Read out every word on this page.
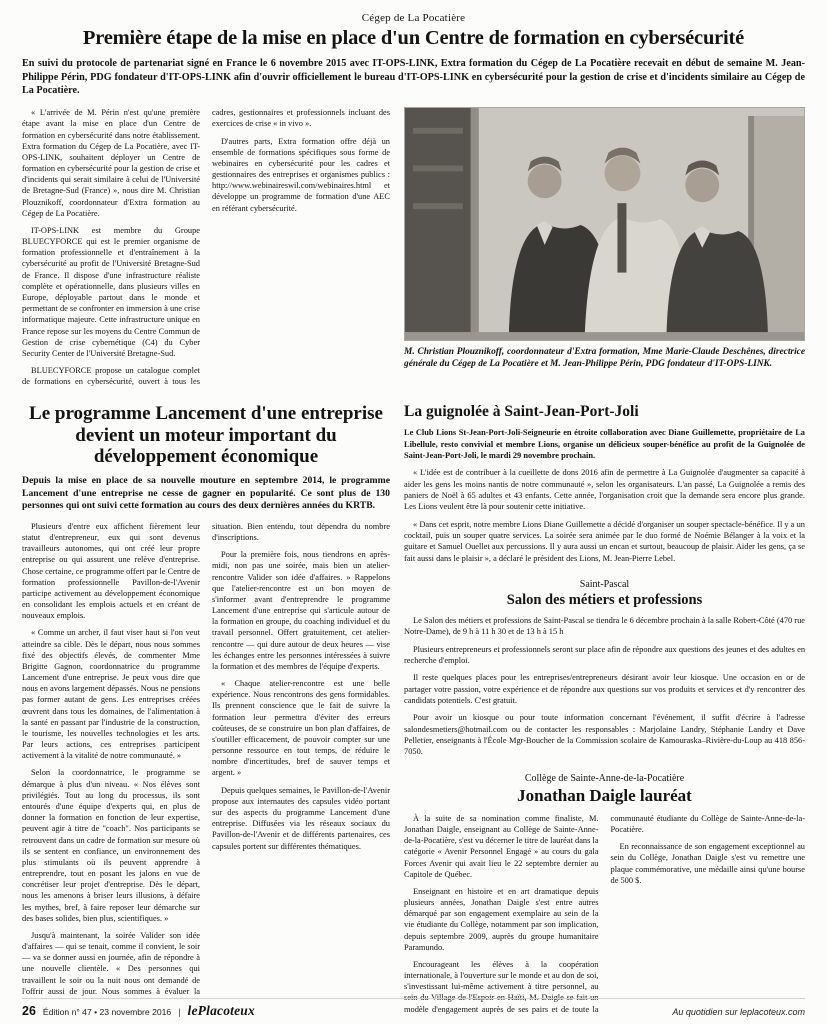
Cégep de La Pocatière
Première étape de la mise en place d'un Centre de formation en cybersécurité

En suivi du protocole de partenariat signé en France le 6 novembre 2015 avec IT-OPS-LINK, Extra formation du Cégep de La Pocatière recevait en début de semaine M. Jean-Philippe Périn, PDG fondateur d'IT-OPS-LINK afin d'ouvrir officiellement le bureau d'IT-OPS-LINK en cybersécurité pour la gestion de crise et d'incidents similaire au Cégep de La Pocatière.

« L'arrivée de M. Périn n'est qu'une première étape avant la mise en place d'un Centre de formation en cybersécurité dans notre établissement. Extra formation du Cégep de La Pocatière, avec IT-OPS-LINK, souhaitent déployer un Centre de formation en cybersécurité pour la gestion de crise et d'incidents qui serait similaire à celui de l'Université de Bretagne-Sud (France) », nous dire M. Christian Plouznikoff, coordonnateur d'Extra formation au Cégep de La Pocatière.

IT-OPS-LINK est membre du Groupe BLUECYFORCE qui est le premier organisme de formation professionnelle et d'entraînement à la cybersécurité au profit de l'Université Bretagne-Sud de France. Il dispose d'une infrastructure réaliste complète et opérationnelle, dans plusieurs villes en Europe, déployable partout dans le monde et permettant de se confronter en immersion à une crise informatique majeure. Cette infrastructure unique en France repose sur les moyens du Centre Commun de Gestion de crise cybernétique (C4) du Cyber Security Center de l'Université Bretagne-Sud.

BLUECYFORCE propose un catalogue complet de formations en cybersécurité, ouvert à tous les cadres, gestionnaires et professionnels incluant des exercices de crise « in vivo ».

D'autres parts, Extra formation offre déjà un ensemble de formations spécifiques sous forme de webinaires en cybersécurité pour les cadres et gestionnaires des entreprises et organismes publics : http://www.webinaireswil.com/webinaires.html et développe un programme de formation d'une AEC en référant cybersécurité.

M. Christian Plouznikoff, coordonnateur d'Extra formation, Mme Marie-Claude Deschênes, directrice générale du Cégep de La Pocatière et M. Jean-Philippe Périn, PDG fondateur d'IT-OPS-LINK.
Le programme Lancement d'une entreprise devient un moteur important du développement économique

Depuis la mise en place de sa nouvelle mouture en septembre 2014, le programme Lancement d'une entreprise ne cesse de gagner en popularité. Ce sont plus de 130 personnes qui ont suivi cette formation au cours des deux dernières années du KRTB.

Plusieurs d'entre eux affichent fièrement leur statut d'entrepreneur, eux qui sont devenus travailleurs autonomes, qui ont créé leur propre entreprise ou qui assurent une relève d'entreprise. Chose certaine, ce programme offert par le Centre de formation professionnelle Pavillon-de-l'Avenir participe activement au développement économique en consolidant les emplois actuels et en créant de nouveaux emplois.

« Comme un archer, il faut viser haut si l'on veut atteindre sa cible. Dès le départ, nous nous sommes fixé des objectifs élevés, de commenter Mme Brigitte Gagnon, coordonnatrice du programme Lancement d'une entreprise. Je peux vous dire que nous en avons largement dépassés. Nous ne pensions pas former autant de gens. Les entreprises créées œuvrent dans tous les domaines, de l'alimentation à la santé en passant par l'industrie de la construction, le tourisme, les nouvelles technologies et les arts. Par leurs actions, ces entreprises participent activement à la vitalité de notre communauté. »

Selon la coordonnatrice, le programme se démarque à plus d'un niveau. « Nos élèves sont privilégiés. Tout au long du processus, ils sont entourés d'une équipe d'experts qui, en plus de donner la formation en fonction de leur expertise, peuvent agir à titre de "coach". Nos participants se retrouvent dans un cadre de formation sur mesure où ils se sentent en confiance, un environnement des plus stimulants où ils peuvent apprendre à entreprendre, tout en posant les jalons en vue de concrétiser leur projet d'entreprise. Dès le départ, nous les amenons à briser leurs illusions, à défaire les mythes, bref, à faire reposer leur démarche sur des bases solides, bien plus, scientifiques. »

Jusqu'à maintenant, la soirée Valider son idée d'affaires — qui se tenait, comme il convient, le soir — va se donner aussi en journée, afin de répondre à une nouvelle clientèle. « Des personnes qui travaillent le soir ou la nuit nous ont demandé de l'offrir aussi de jour. Nous sommes à évaluer la situation. Bien entendu, tout dépendra du nombre d'inscriptions.

Pour la première fois, nous tiendrons en après-midi, non pas une soirée, mais bien un atelier-rencontre Valider son idée d'affaires. » Rappelons que l'atelier-rencontre est un bon moyen de s'informer avant d'entreprendre le programme Lancement d'une entreprise qui s'articule autour de la formation en groupe, du coaching individuel et du travail personnel. Offert gratuitement, cet atelier-rencontre — qui dure autour de deux heures — vise les échanges entre les personnes intéressées à suivre la formation et des membres de l'équipe d'experts.

« Chaque atelier-rencontre est une belle expérience. Nous rencontrons des gens formidables. Ils prennent conscience que le fait de suivre la formation leur permettra d'éviter des erreurs coûteuses, de se construire un bon plan d'affaires, de s'outiller efficacement, de pouvoir compter sur une personne ressource en tout temps, de réduire le nombre d'incertitudes, bref de sauver temps et argent. »

Depuis quelques semaines, le Pavillon-de-l'Avenir propose aux internautes des capsules vidéo portant sur des aspects du programme Lancement d'une entreprise. Diffusées via les réseaux sociaux du Pavillon-de-l'Avenir et de différents partenaires, ces capsules portent sur différentes thématiques.

La guignolée à Saint-Jean-Port-Joli

Le Club Lions St-Jean-Port-Joli-Seigneurie en étroite collaboration avec Diane Guillemette, propriétaire de La Libellule, resto convivial et membre Lions, organise un délicieux souper-bénéfice au profit de la Guignolée de Saint-Jean-Port-Joli, le mardi 29 novembre prochain.

« L'idée est de contribuer à la cueillette de dons 2016 afin de permettre à La Guignolée d'augmenter sa capacité à aider les gens les moins nantis de notre communauté », selon les organisateurs. L'an passé, La Guignolée a remis des paniers de Noël à 65 adultes et 43 enfants. Cette année, l'organisation croit que la demande sera encore plus grande. Les Lions veulent être là pour soutenir cette initiative.

« Dans cet esprit, notre membre Lions Diane Guillemette a décidé d'organiser un souper spectacle-bénéfice. Il y a un cocktail, puis un souper quatre services. La soirée sera animée par le duo formé de Noémie Bélanger à la voix et la guitare et Samuel Ouellet aux percussions. Il y aura aussi un encan et surtout, beaucoup de plaisir. Aider les gens, ça se fait aussi dans le plaisir », a déclaré le président des Lions, M. Jean-Pierre Lebel.

Saint-Pascal
Salon des métiers et professions

Le Salon des métiers et professions de Saint-Pascal se tiendra le 6 décembre prochain à la salle Robert-Côté (470 rue Notre-Dame), de 9 h à 11 h 30 et de 13 h à 15 h

Plusieurs entrepreneurs et professionnels seront sur place afin de répondre aux questions des jeunes et des adultes en recherche d'emploi.

Il reste quelques places pour les entreprises/entrepreneurs désirant avoir leur kiosque. Une occasion en or de partager votre passion, votre expérience et de répondre aux questions sur vos produits et services et d'y rencontrer des candidats potentiels. C'est gratuit.

Pour avoir un kiosque ou pour toute information concernant l'événement, il suffit d'écrire à l'adresse salondesmetiers@hotmail.com ou de contacter les responsables : Marjolaine Landry, Stéphanie Landry et Dave Pelletier, enseignants à l'École Mgr-Boucher de la Commission scolaire de Kamouraska–Rivière-du-Loup au 418 856-7050.

Collège de Sainte-Anne-de-la-Pocatière
Jonathan Daigle lauréat

À la suite de sa nomination comme finaliste, M. Jonathan Daigle, enseignant au Collège de Sainte-Anne-de-la-Pocatière, s'est vu décerner le titre de lauréat dans la catégorie « Avenir Personnel Engagé » au cours du gala Forces Avenir qui avait lieu le 22 septembre dernier au Capitole de Québec.

Enseignant en histoire et en art dramatique depuis plusieurs années, Jonathan Daigle s'est entre autres démarqué par son engagement exemplaire au sein de la vie étudiante du Collège, notamment par son implication, depuis septembre 2009, auprès du groupe humanitaire Paramundo.

Encourageant les élèves à la coopération internationale, à l'ouverture sur le monde et au don de soi, s'investissant lui-même activement à titre personnel, au sein du Village de l'Espoir en Haïti, M. Daigle se fait un modèle d'engagement auprès de ses pairs et de toute la communauté étudiante du Collège de Sainte-Anne-de-la-Pocatière.

En reconnaissance de son engagement exceptionnel au sein du Collège, Jonathan Daigle s'est vu remettre une plaque commémorative, une médaille ainsi qu'une bourse de 500 $.

26 Édition n° 47 • 23 novembre 2016 | lePlacoteux	Au quotidien sur leplacoteux.com
